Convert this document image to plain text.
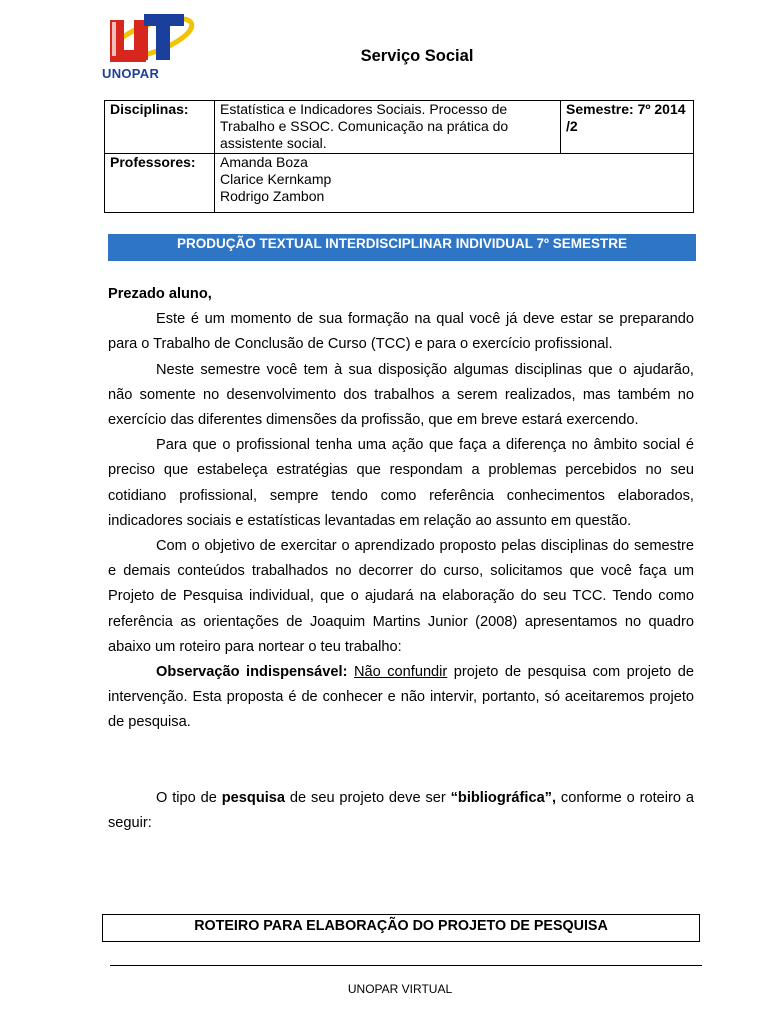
UNOPAR
Serviço Social
Disciplinas:	Estatística e Indicadores Sociais. Processo de Trabalho e SSOC. Comunicação na prática do assistente social.	Semestre: 7º 2014 /2
Professores:	Amanda Boza
Clarice Kernkamp
Rodrigo Zambon	
PRODUÇÃO TEXTUAL INTERDISCIPLINAR INDIVIDUAL 7º SEMESTRE

Prezado aluno,

Este é um momento de sua formação na qual você já deve estar se preparando para o Trabalho de Conclusão de Curso (TCC) e para o exercício profissional.

Neste semestre você tem à sua disposição algumas disciplinas que o ajudarão, não somente no desenvolvimento dos trabalhos a serem realizados, mas também no exercício das diferentes dimensões da profissão, que em breve estará exercendo.

Para que o profissional tenha uma ação que faça a diferença no âmbito social é preciso que estabeleça estratégias que respondam a problemas percebidos no seu cotidiano profissional, sempre tendo como referência conhecimentos elaborados, indicadores sociais e estatísticas levantadas em relação ao assunto em questão.

Com o objetivo de exercitar o aprendizado proposto pelas disciplinas do semestre e demais conteúdos trabalhados no decorrer do curso, solicitamos que você faça um Projeto de Pesquisa individual, que o ajudará na elaboração do seu TCC. Tendo como referência as orientações de Joaquim Martins Junior (2008) apresentamos no quadro abaixo um roteiro para nortear o teu trabalho:

Observação indispensável: Não confundir projeto de pesquisa com projeto de intervenção. Esta proposta é de conhecer e não intervir, portanto, só aceitaremos projeto de pesquisa.

O tipo de pesquisa de seu projeto deve ser “bibliográfica”, conforme o roteiro a seguir:

ROTEIRO PARA ELABORAÇÃO DO PROJETO DE PESQUISA
UNOPAR VIRTUAL
